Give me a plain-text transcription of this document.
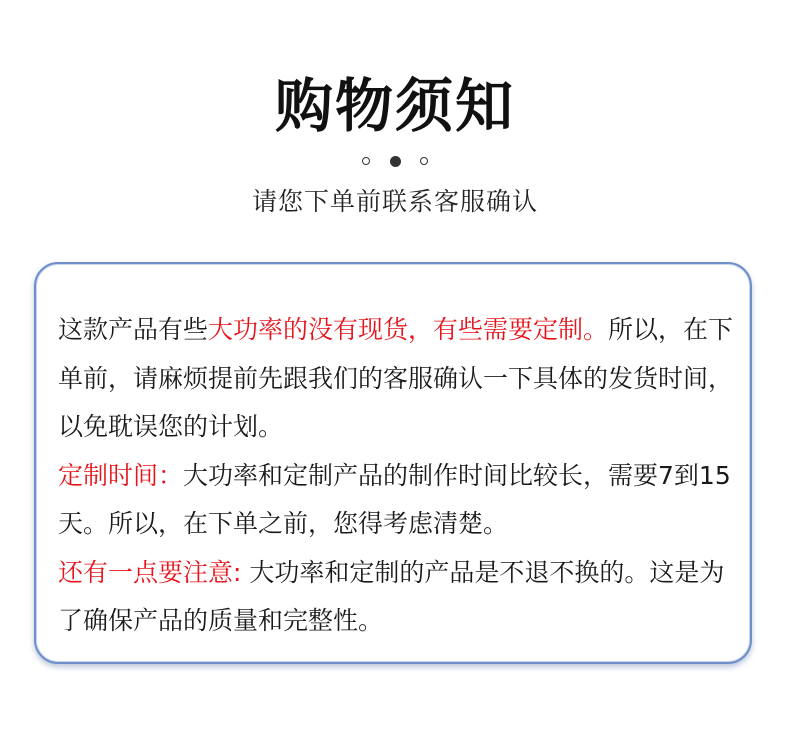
购物须知
请您下单前联系客服确认

这款产品有些大功率的没有现货，有些需要定制。所以，在下单前，请麻烦提前先跟我们的客服确认一下具体的发货时间，以免耽误您的计划。

定制时间：大功率和定制产品的制作时间比较长，需要7到15天。所以，在下单之前，您得考虑清楚。

还有一点要注意: 大功率和定制的产品是不退不换的。这是为了确保产品的质量和完整性。
